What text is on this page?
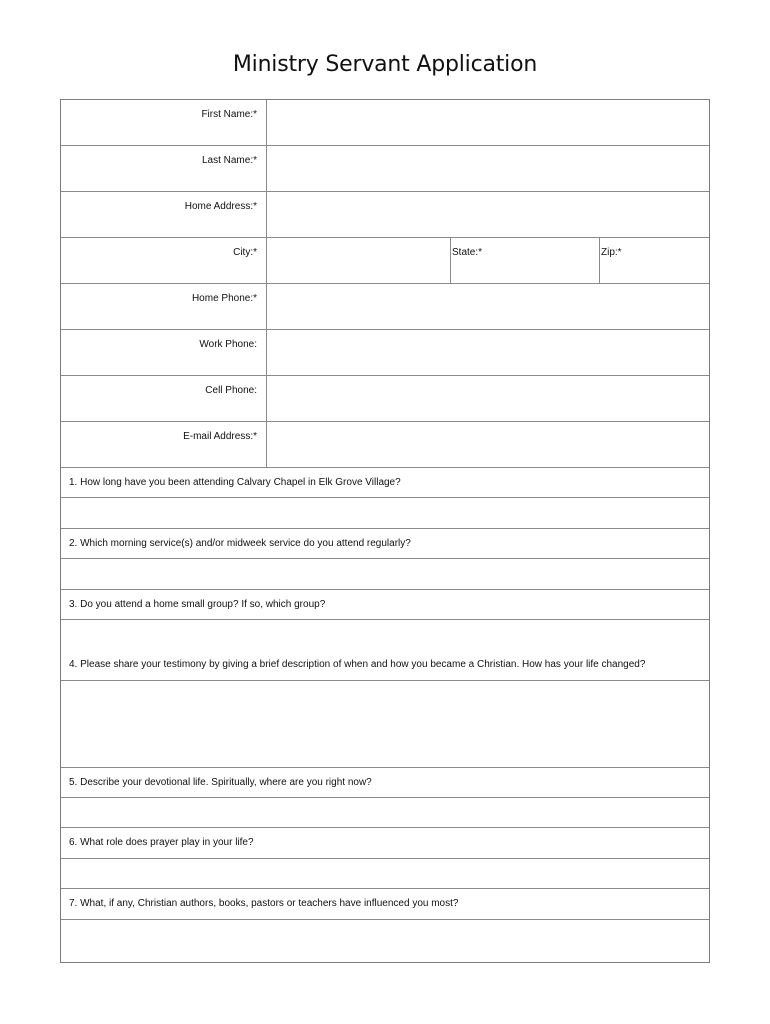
Ministry Servant Application
First Name:*
Last Name:*
Home Address:*
City:*	State:*	Zip:*
Home Phone:*
Work Phone:
Cell Phone:
E-mail Address:*
1. How long have you been attending Calvary Chapel in Elk Grove Village?
2. Which morning service(s) and/or midweek service do you attend regularly?
3. Do you attend a home small group? If so, which group?
4. Please share your testimony by giving a brief description of when and how you became a Christian. How has your life changed?
5. Describe your devotional life. Spiritually, where are you right now?
6. What role does prayer play in your life?
7. What, if any, Christian authors, books, pastors or teachers have influenced you most?
